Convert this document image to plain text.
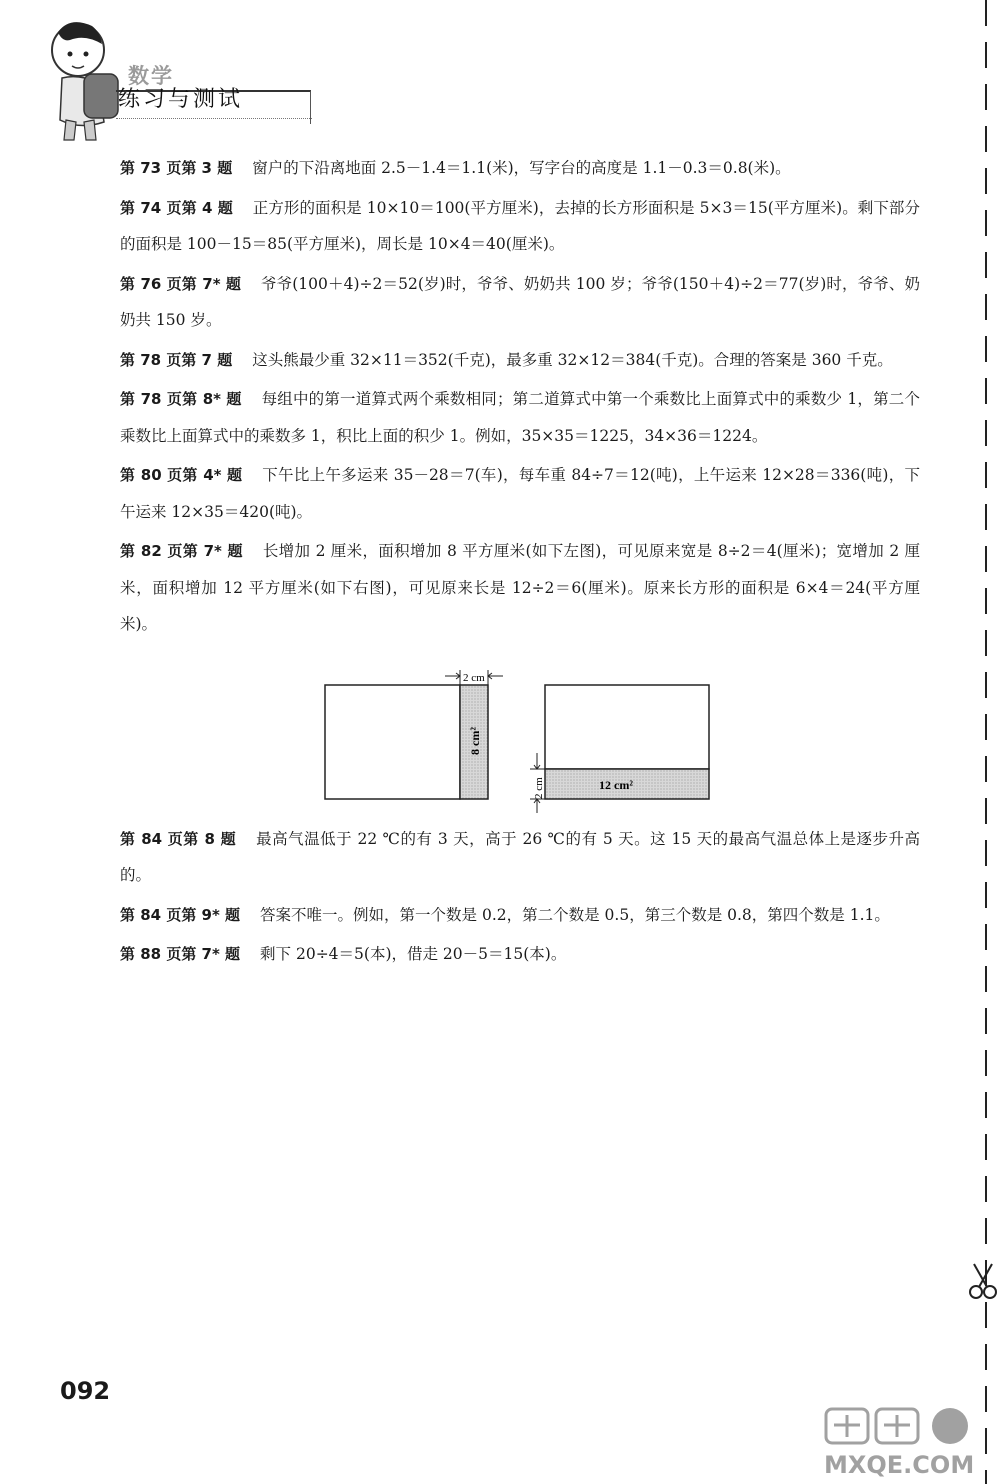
数学
练习与测试

第 73 页第 3 题 窗户的下沿离地面 2.5－1.4＝1.1(米)，写字台的高度是 1.1－0.3＝0.8(米)。

第 74 页第 4 题 正方形的面积是 10×10＝100(平方厘米)，去掉的长方形面积是 5×3＝15(平方厘米)。剩下部分的面积是 100－15＝85(平方厘米)，周长是 10×4＝40(厘米)。

第 76 页第 7* 题 爷爷(100＋4)÷2＝52(岁)时，爷爷、奶奶共 100 岁；爷爷(150＋4)÷2＝77(岁)时，爷爷、奶奶共 150 岁。

第 78 页第 7 题 这头熊最少重 32×11＝352(千克)，最多重 32×12＝384(千克)。合理的答案是 360 千克。

第 78 页第 8* 题 每组中的第一道算式两个乘数相同；第二道算式中第一个乘数比上面算式中的乘数少 1，第二个乘数比上面算式中的乘数多 1，积比上面的积少 1。例如，35×35＝1225，34×36＝1224。

第 80 页第 4* 题 下午比上午多运来 35－28＝7(车)，每车重 84÷7＝12(吨)，上午运来 12×28＝336(吨)，下午运来 12×35＝420(吨)。

第 82 页第 7* 题 长增加 2 厘米，面积增加 8 平方厘米(如下左图)，可见原来宽是 8÷2＝4(厘米)；宽增加 2 厘米，面积增加 12 平方厘米(如下右图)，可见原来长是 12÷2＝6(厘米)。原来长方形的面积是 6×4＝24(平方厘米)。

2 cm
8 cm²
2 cm	12 cm²

第 84 页第 8 题 最高气温低于 22 ℃的有 3 天，高于 26 ℃的有 5 天。这 15 天的最高气温总体上是逐步升高的。

第 84 页第 9* 题 答案不唯一。例如，第一个数是 0.2，第二个数是 0.5，第三个数是 0.8，第四个数是 1.1。

第 88 页第 7* 题 剩下 20÷4＝5(本)，借走 20－5＝15(本)。

092
MXQE.COM
